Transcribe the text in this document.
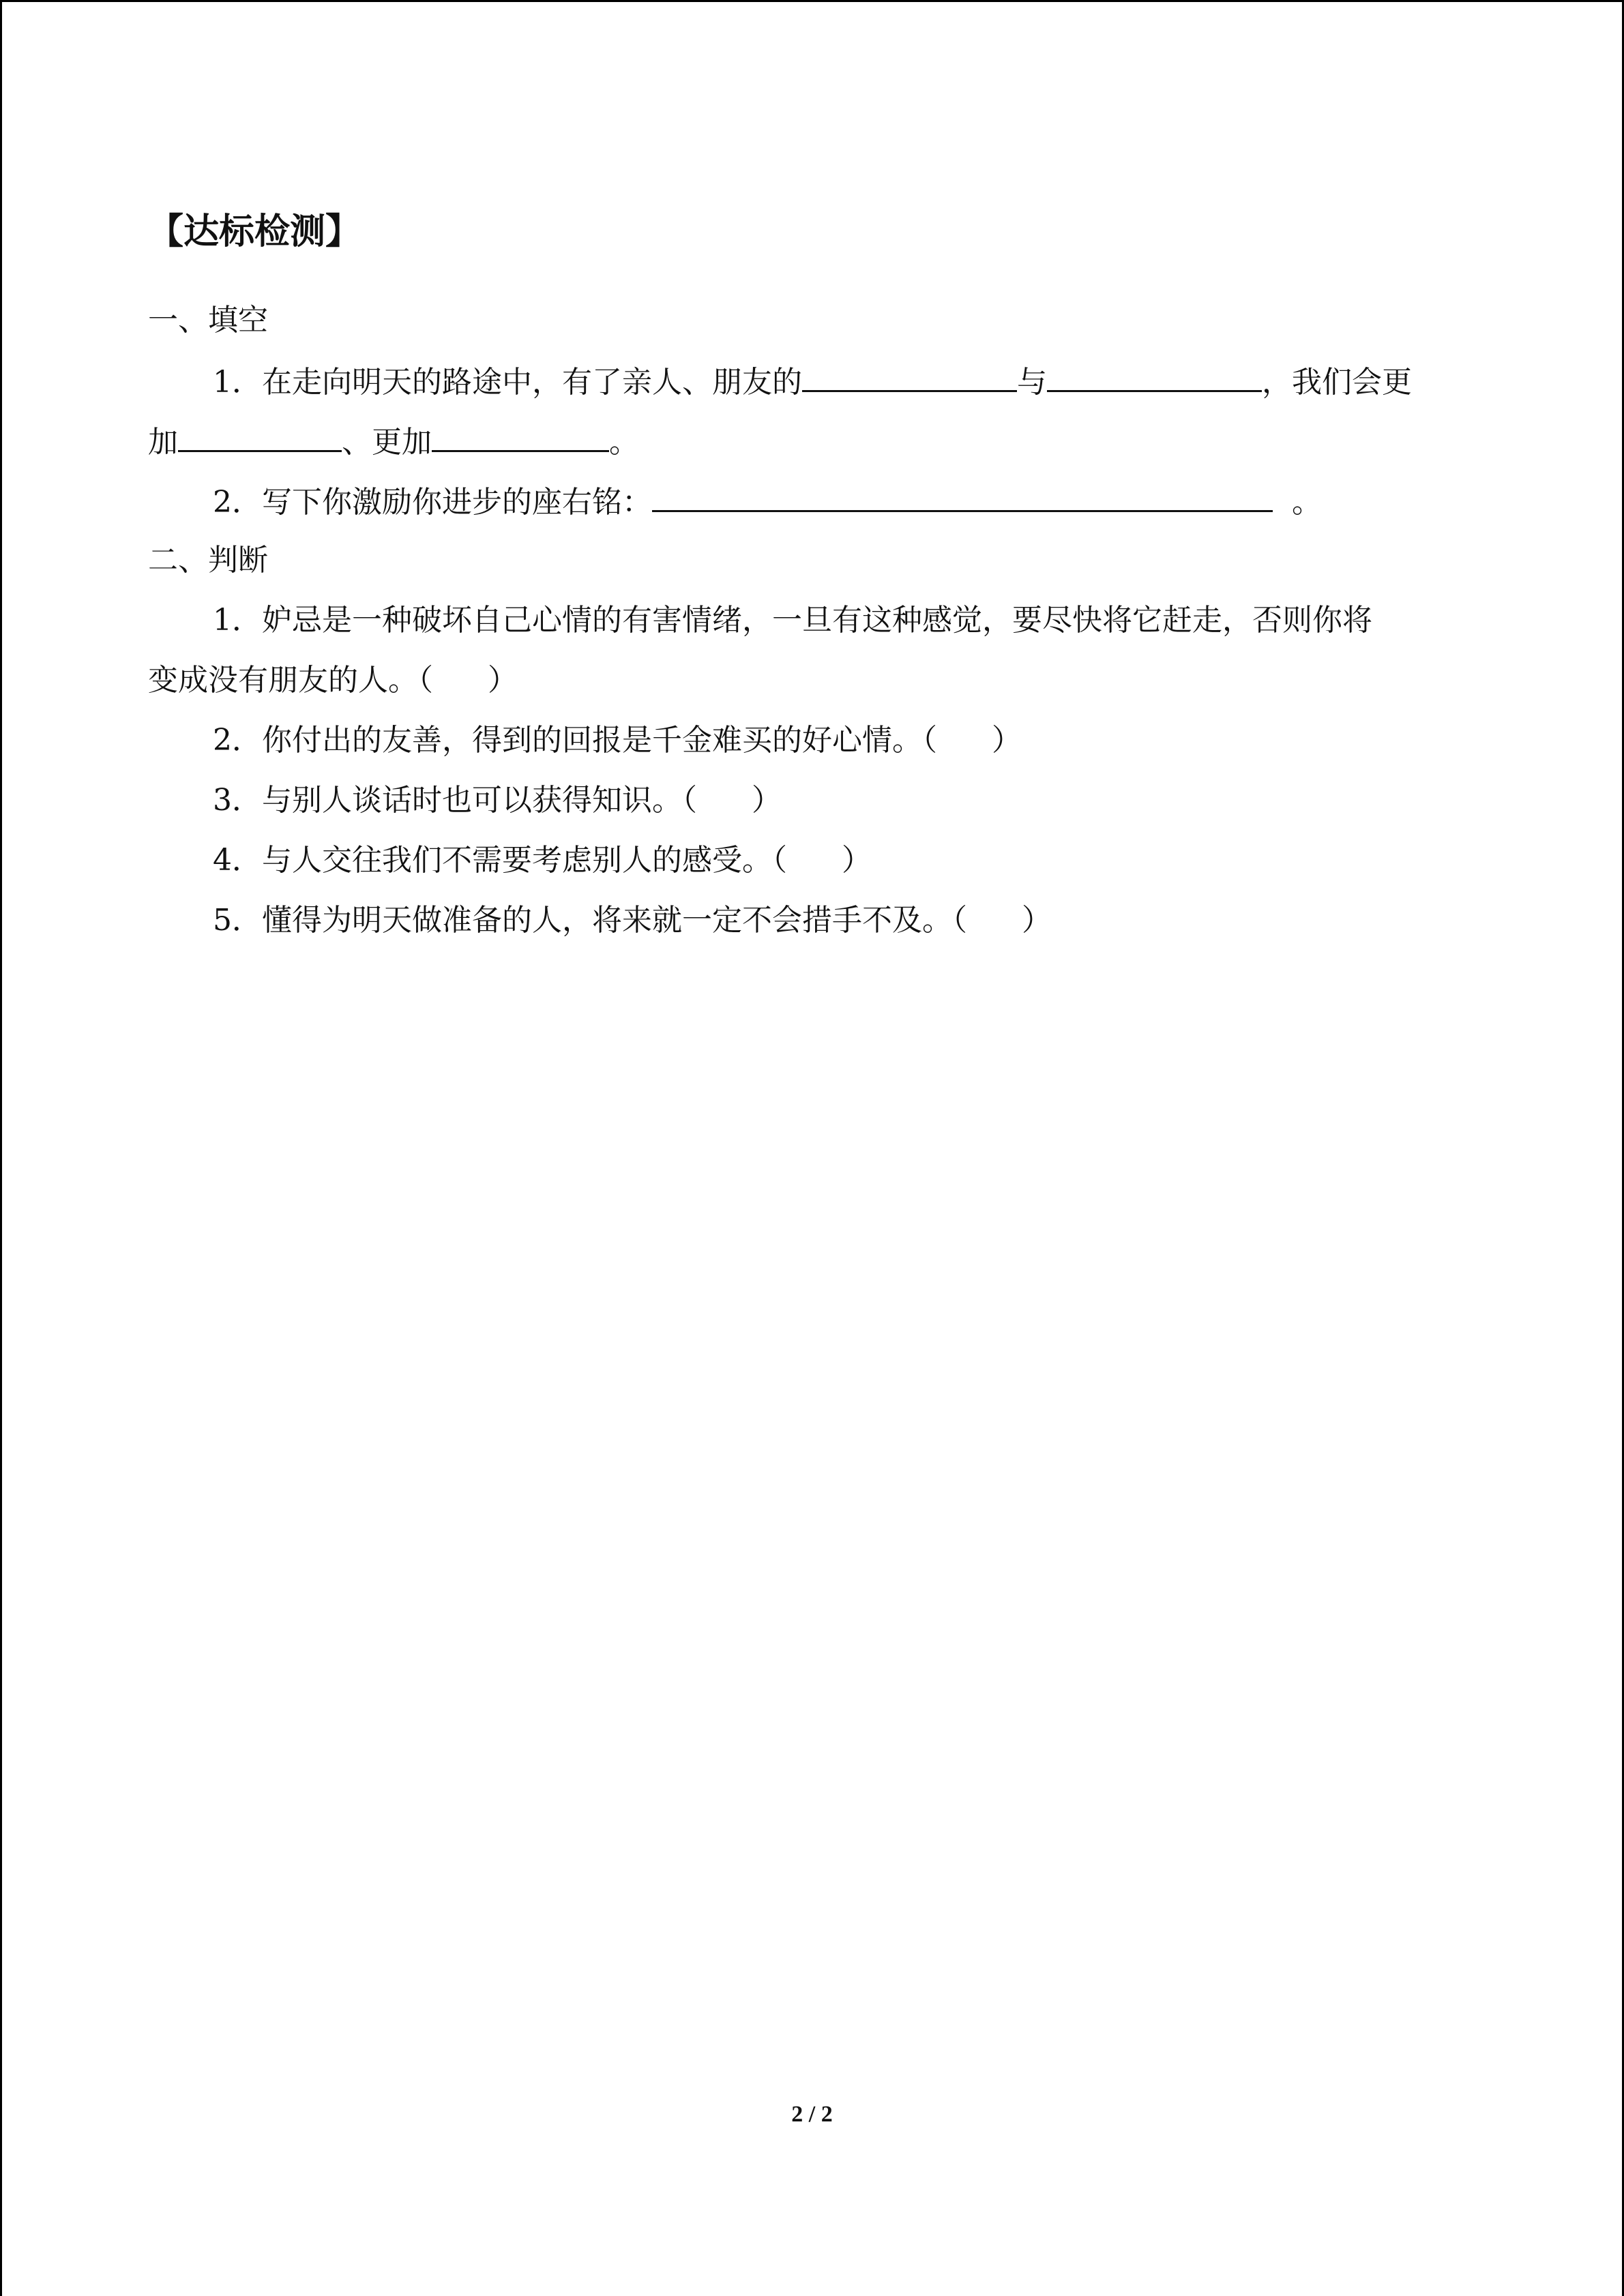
【达标检测】
一、填空
1．在走向明天的路途中，有了亲人、朋友的	与	，我们会更
加	、更加	。
2．写下你激励你进步的座右铭：	。
二、判断
1．妒忌是一种破坏自己心情的有害情绪，一旦有这种感觉，要尽快将它赶走，否则你将
变成没有朋友的人。（ ）
2．你付出的友善，得到的回报是千金难买的好心情。（ ）
3．与别人谈话时也可以获得知识。（ ）
4．与人交往我们不需要考虑别人的感受。（ ）
5．懂得为明天做准备的人，将来就一定不会措手不及。（ ）
2 / 2
